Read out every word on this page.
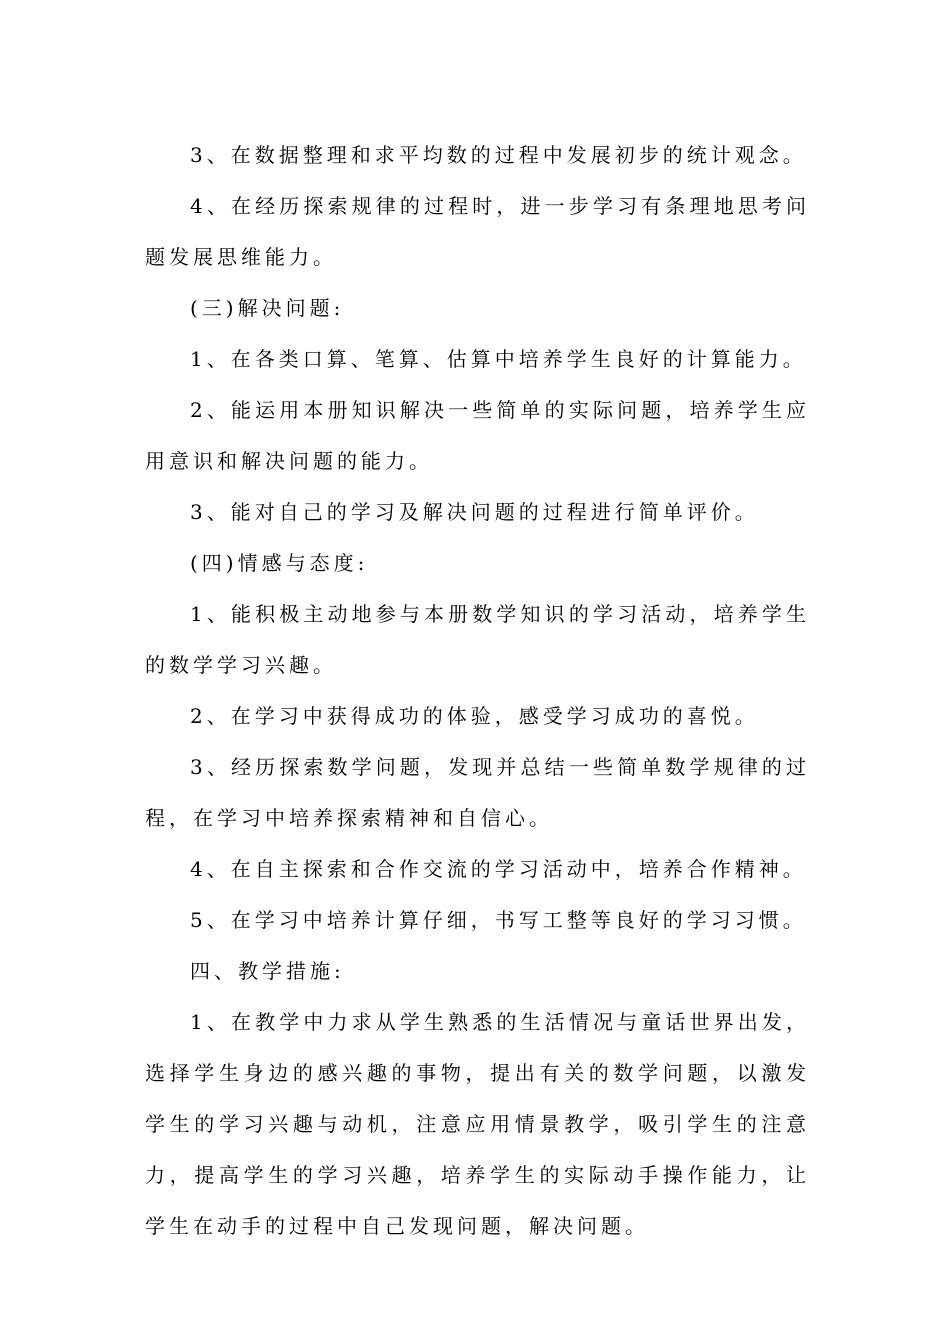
3、在数据整理和求平均数的过程中发展初步的统计观念。

4、在经历探索规律的过程时，进一步学习有条理地思考问题发展思维能力。

(三)解决问题:

1、在各类口算、笔算、估算中培养学生良好的计算能力。

2、能运用本册知识解决一些简单的实际问题，培养学生应用意识和解决问题的能力。

3、能对自己的学习及解决问题的过程进行简单评价。

(四)情感与态度:

1、能积极主动地参与本册数学知识的学习活动，培养学生的数学学习兴趣。

2、在学习中获得成功的体验，感受学习成功的喜悦。

3、经历探索数学问题，发现并总结一些简单数学规律的过程，在学习中培养探索精神和自信心。

4、在自主探索和合作交流的学习活动中，培养合作精神。

5、在学习中培养计算仔细，书写工整等良好的学习习惯。

四、教学措施:

1、在教学中力求从学生熟悉的生活情况与童话世界出发，选择学生身边的感兴趣的事物，提出有关的数学问题，以激发学生的学习兴趣与动机，注意应用情景教学，吸引学生的注意力，提高学生的学习兴趣，培养学生的实际动手操作能力，让学生在动手的过程中自己发现问题，解决问题。
